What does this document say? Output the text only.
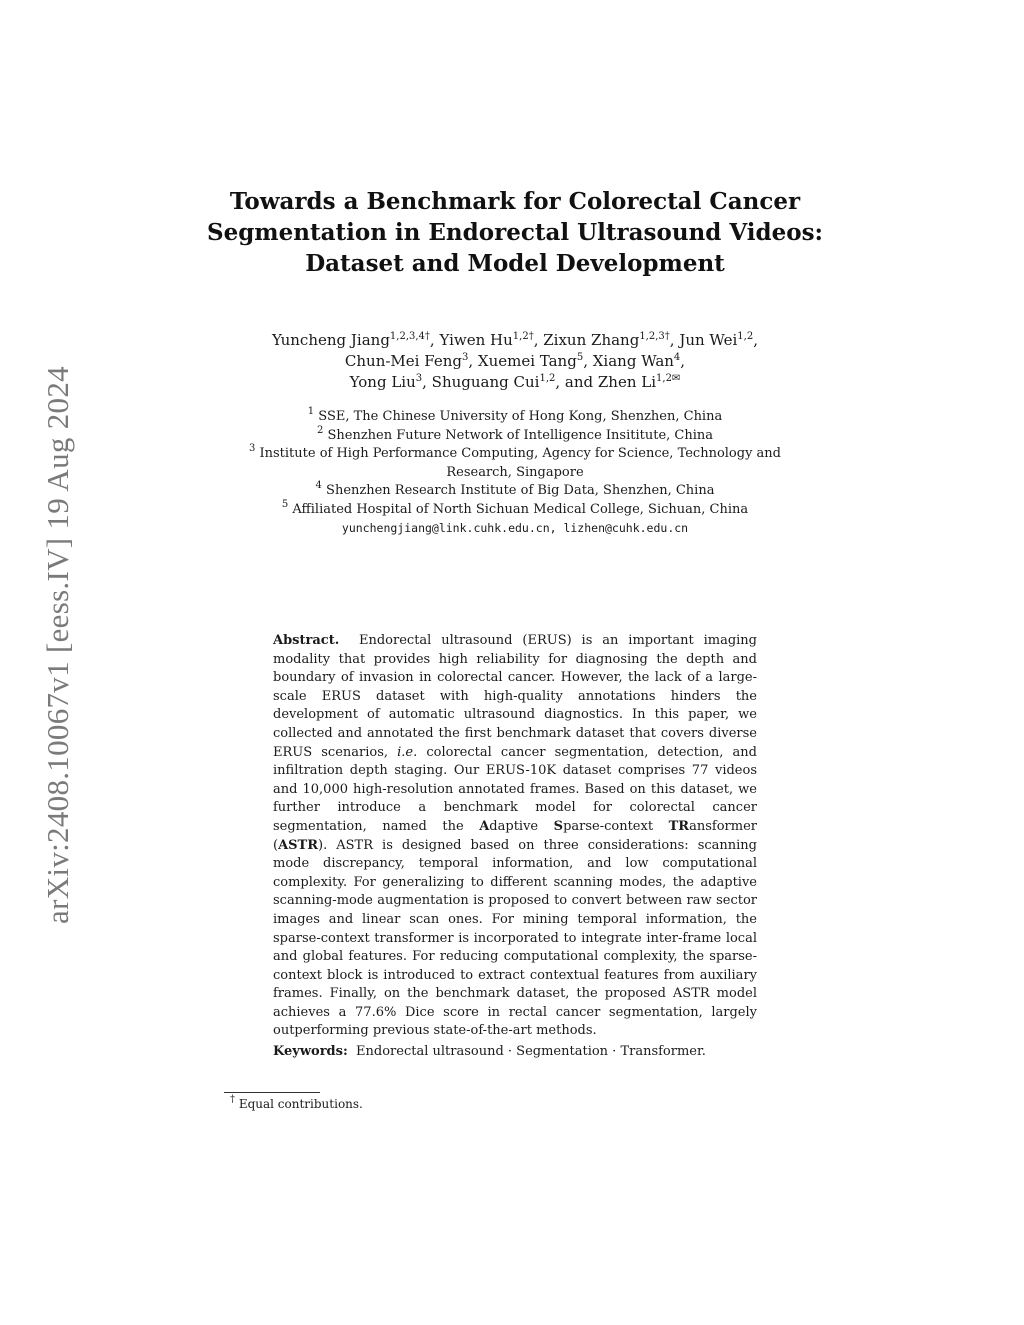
arXiv:2408.10067v1 [eess.IV] 19 Aug 2024
Towards a Benchmark for Colorectal Cancer
Segmentation in Endorectal Ultrasound Videos:
Dataset and Model Development
Yuncheng Jiang$^{1,2,3,4\dagger}$, Yiwen $Hu^{1,2\dagger}$, Zixun Zhang$^{1,2,3\dagger}$, Jun Wei$^{1,2}$,
Chun-Mei Feng$^3$, Xuemei Tang$^5$, Xiang Wan$^4$,
Yong Liu$^3$, Shuguang Cui$^{1,2}$, and Zhen $Li^{1,2✉}$
$^1$ SSE, The Chinese University of Hong Kong, Shenzhen, China
$^2$ Shenzhen Future Network of Intelligence Insititute, China
$^3$ Institute of High Performance Computing, Agency for Science, Technology and
Research, Singapore
$^4$ Shenzhen Research Institute of Big Data, Shenzhen, China
$^5$ Affiliated Hospital of North Sichuan Medical College, Sichuan, China
yunchengjiang@link.cuhk.edu.cn, lizhen@cuhk.edu.cn
Abstract. Endorectal ultrasound (ERUS) is an important imaging modality that provides high reliability for diagnosing the depth and boundary of invasion in colorectal cancer. However, the lack of a large-scale ERUS dataset with high-quality annotations hinders the development of automatic ultrasound diagnostics. In this paper, we collected and annotated the first benchmark dataset that covers diverse ERUS scenarios, i.e. colorectal cancer segmentation, detection, and infiltration depth staging. Our ERUS-10K dataset comprises 77 videos and 10,000 high-resolution annotated frames. Based on this dataset, we further introduce a benchmark model for colorectal cancer segmentation, named the Adaptive Sparse-context TRansformer (ASTR). ASTR is designed based on three considerations: scanning mode discrepancy, temporal information, and low computational complexity. For generalizing to different scanning modes, the adaptive scanning-mode augmentation is proposed to convert between raw sector images and linear scan ones. For mining temporal information, the sparse-context transformer is incorporated to integrate inter-frame local and global features. For reducing computational complexity, the sparse-context block is introduced to extract contextual features from auxiliary frames. Finally, on the benchmark dataset, the proposed ASTR model achieves a 77.6% Dice score in rectal cancer segmentation, largely outperforming previous state-of-the-art methods.
Keywords: Endorectal ultrasound · Segmentation · Transformer.
† Equal contributions.
